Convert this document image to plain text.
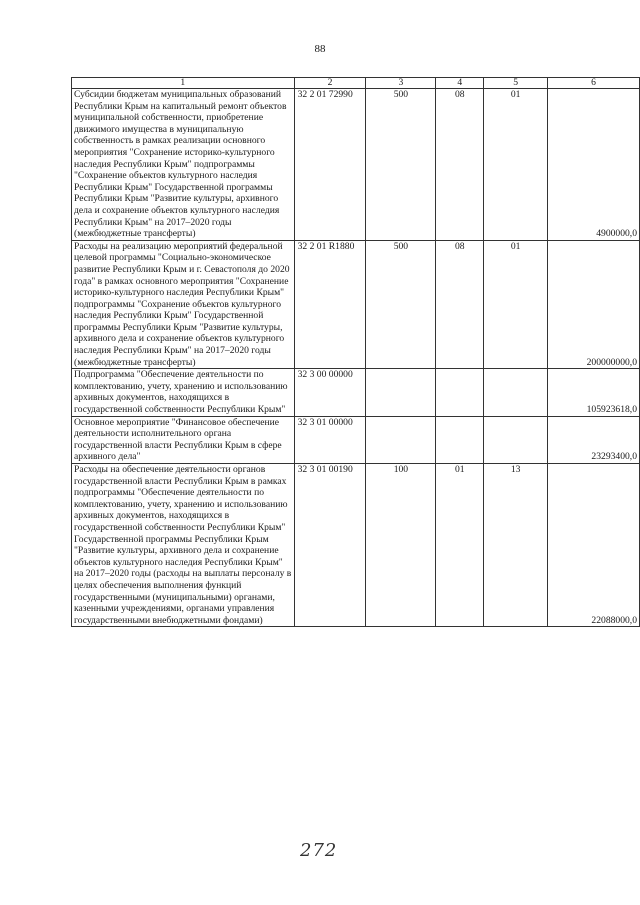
88
1	2	3	4	5	6
Субсидии бюджетам муниципальных образований Республики Крым на капитальный ремонт объектов муниципальной собственности, приобретение движимого имущества в муниципальную собственность в рамках реализации основного мероприятия "Сохранение историко-культурного наследия Республики Крым" подпрограммы "Сохранение объектов культурного наследия Республики Крым" Государственной программы Республики Крым "Развитие культуры, архивного дела и сохранение объектов культурного наследия Республики Крым" на 2017–2020 годы (межбюджетные трансферты)	32 2 01 72990	500	08	01	4900000,0
Расходы на реализацию мероприятий федеральной целевой программы "Социально-экономическое развитие Республики Крым и г. Севастополя до 2020 года" в рамках основного мероприятия "Сохранение историко-культурного наследия Республики Крым" подпрограммы "Сохранение объектов культурного наследия Республики Крым" Государственной программы Республики Крым "Развитие культуры, архивного дела и сохранение объектов культурного наследия Республики Крым" на 2017–2020 годы (межбюджетные трансферты)	32 2 01 R1880	500	08	01	200000000,0
Подпрограмма "Обеспечение деятельности по комплектованию, учету, хранению и использованию архивных документов, находящихся в государственной собственности Республики Крым"	32 3 00 00000				105923618,0
Основное мероприятие "Финансовое обеспечение деятельности исполнительного органа государственной власти Республики Крым в сфере архивного дела"	32 3 01 00000				23293400,0
Расходы на обеспечение деятельности органов государственной власти Республики Крым в рамках подпрограммы "Обеспечение деятельности по комплектованию, учету, хранению и использованию архивных документов, находящихся в государственной собственности Республики Крым" Государственной программы Республики Крым "Развитие культуры, архивного дела и сохранение объектов культурного наследия Республики Крым" на 2017–2020 годы (расходы на выплаты персоналу в целях обеспечения выполнения функций государственными (муниципальными) органами, казенными учреждениями, органами управления государственными внебюджетными фондами)	32 3 01 00190	100	01	13	22088000,0
272
